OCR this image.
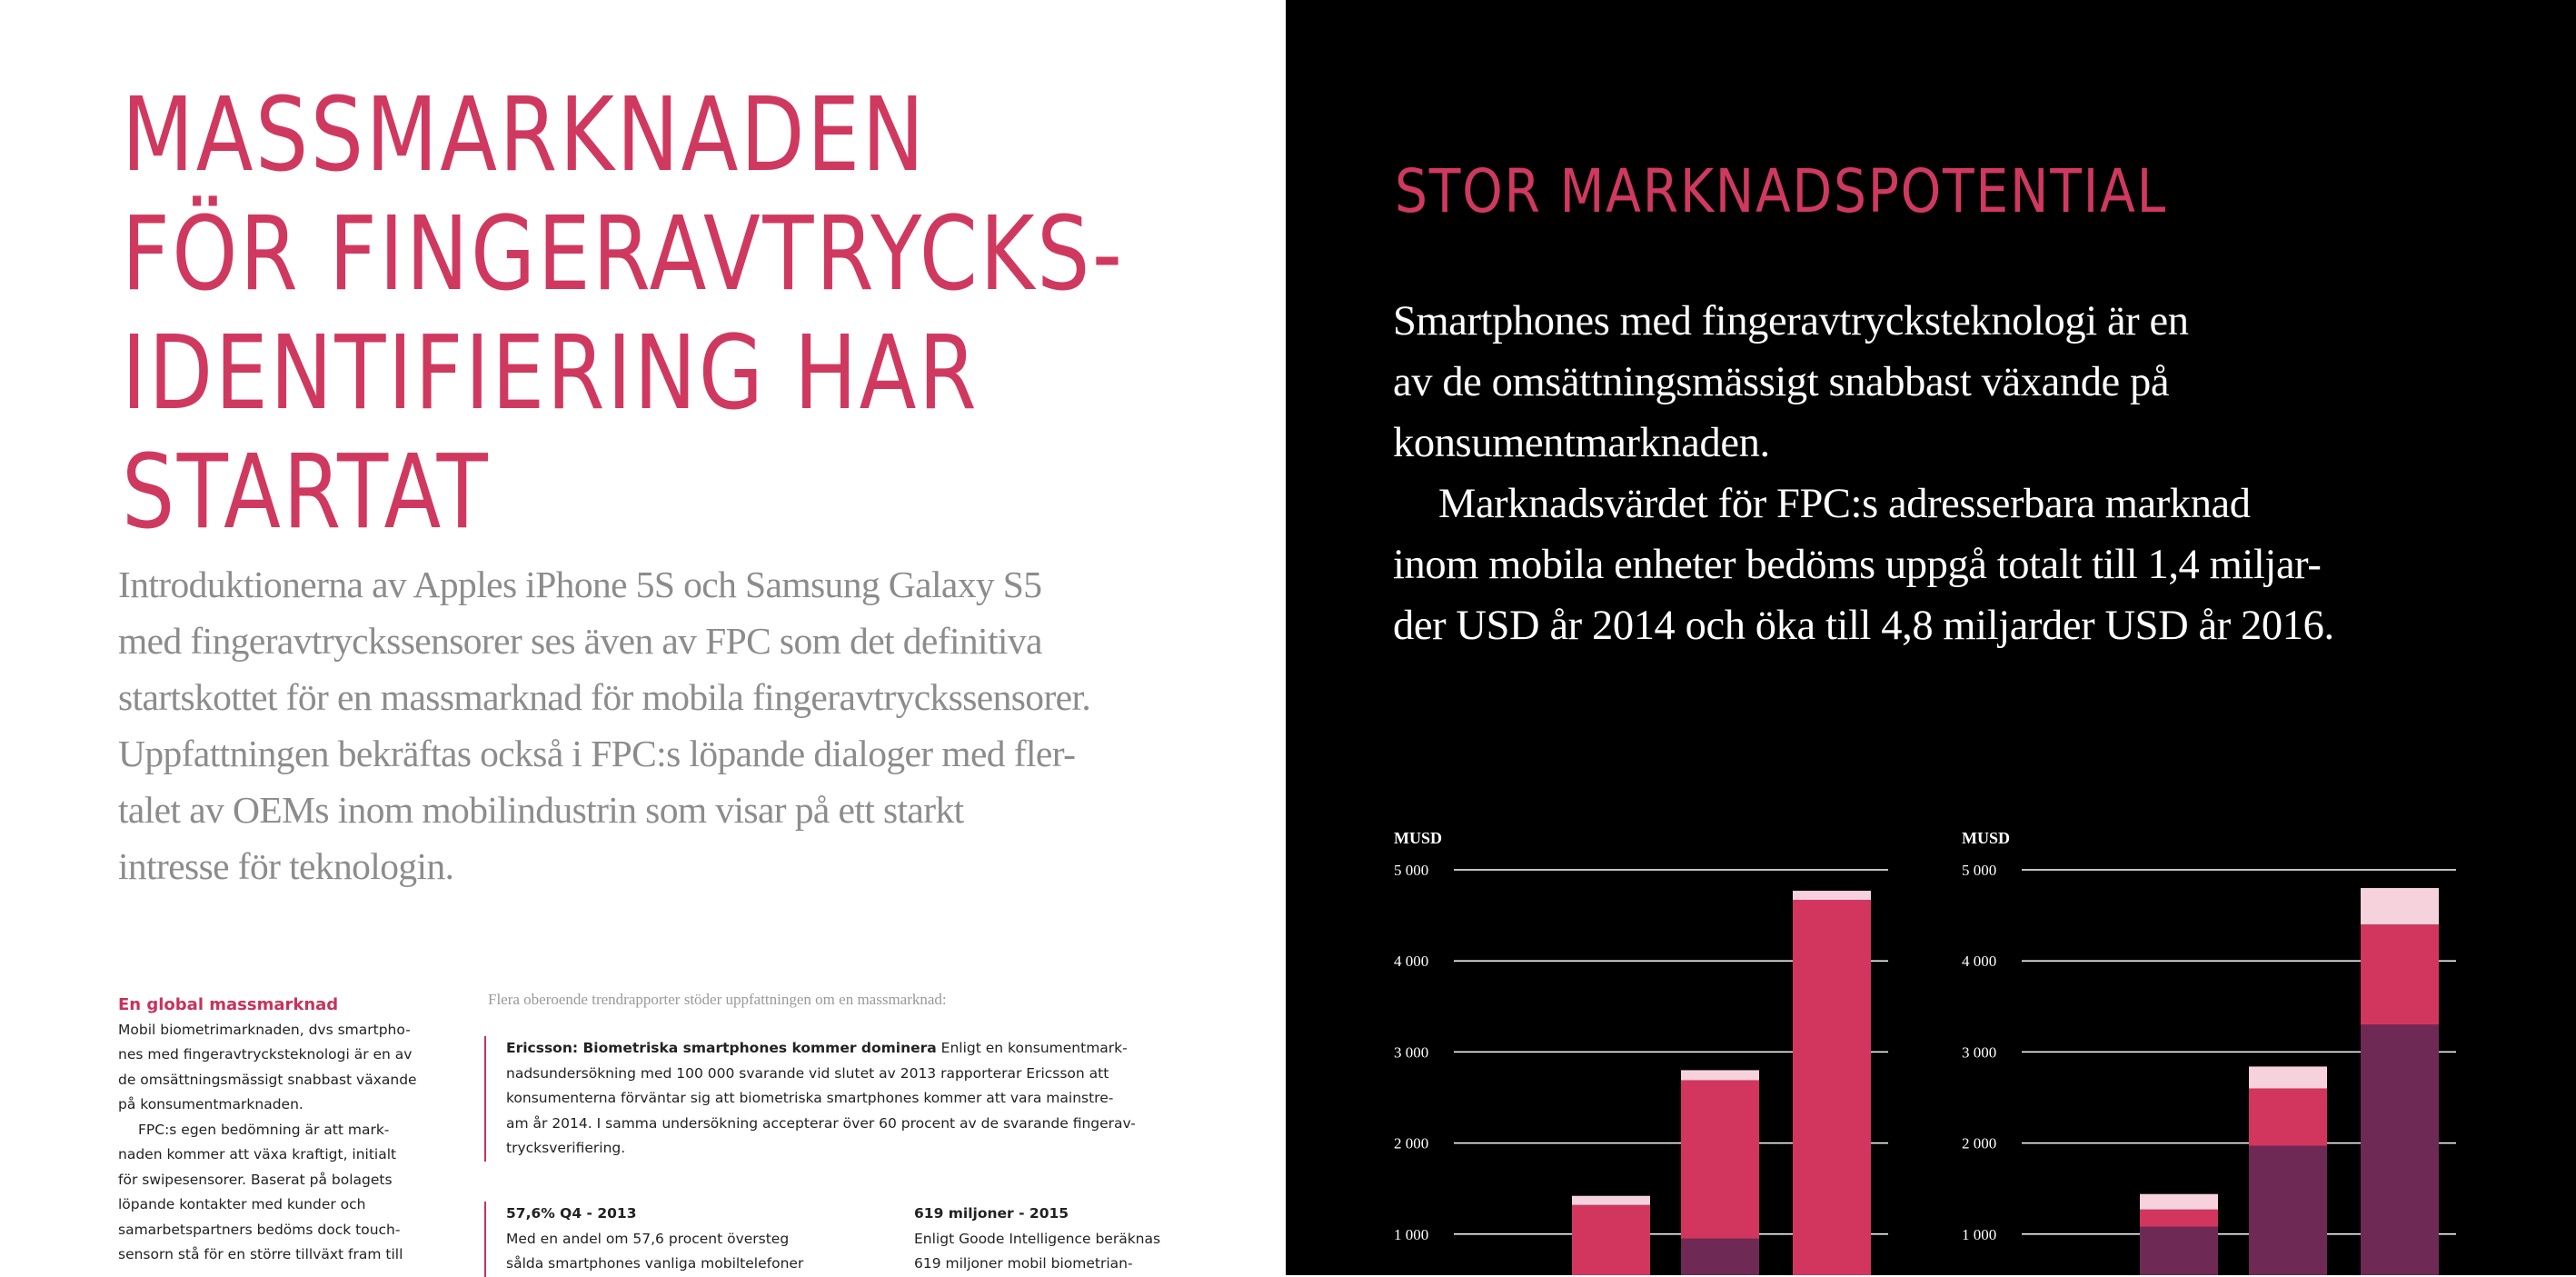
MASSMARKNADEN
FÖR FINGERAVTRYCKS-
IDENTIFIERING HAR
STARTAT

Introduktionerna av Apples iPhone 5S och Samsung Galaxy S5
med fingeravtryckssensorer ses även av FPC som det definitiva
startskottet för en massmarknad för mobila fingeravtryckssensorer.
Uppfattningen bekräftas också i FPC:s löpande dialoger med fler-
talet av OEMs inom mobilindustrin som visar på ett starkt
intresse för teknologin.

En global massmarknad
Mobil biometrimarknaden, dvs smartpho-
nes med fingeravtrycksteknologi är en av
de omsättningsmässigt snabbast växande
på konsumentmarknaden.
FPC:s egen bedömning är att mark-
naden kommer att växa kraftigt, initialt
för swipesensorer. Baserat på bolagets
löpande kontakter med kunder och
samarbetspartners bedöms dock touch-
sensorn stå för en större tillväxt fram till
Flera oberoende trendrapporter stöder uppfattningen om en massmarknad:
Ericsson: Biometriska smartphones kommer dominera Enligt en konsumentmark-
nadsundersökning med 100 000 svarande vid slutet av 2013 rapporterar Ericsson att
konsumenterna förväntar sig att biometriska smartphones kommer att vara mainstre-
am år 2014. I samma undersökning accepterar över 60 procent av de svarande fingerav-
trycksverifiering.
57,6% Q4 - 2013
Med en andel om 57,6 procent översteg
sålda smartphones vanliga mobiltelefoner
619 miljoner - 2015
Enligt Goode Intelligence beräknas
619 miljoner mobil biometrian-
STOR MARKNADSPOTENTIAL
Smartphones med fingeravtrycksteknologi är en
av de omsättningsmässigt snabbast växande på
konsumentmarknaden.
Marknadsvärdet för FPC:s adresserbara marknad
inom mobila enheter bedöms uppgå totalt till 1,4 miljar-
der USD år 2014 och öka till 4,8 miljarder USD år 2016.
MUSD
5 000
4 000
3 000
2 000
1 000
MUSD
5 000
4 000
3 000
2 000
1 000
